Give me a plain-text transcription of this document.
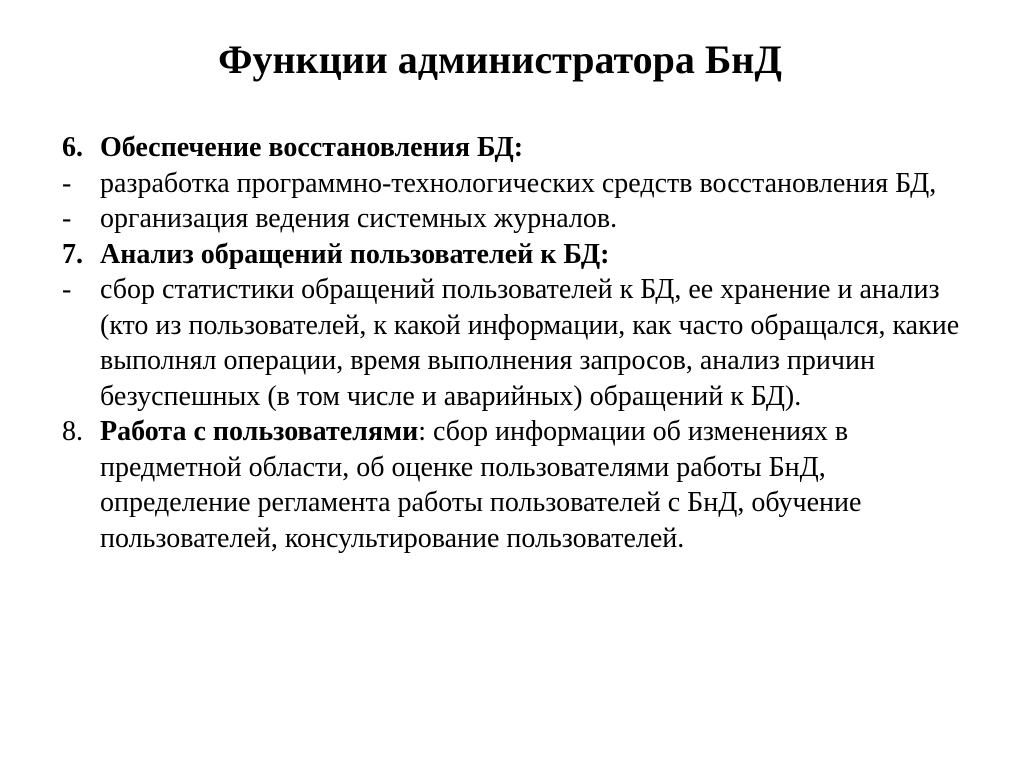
Функции администратора БнД
6. Обеспечение восстановления БД:
- разработка программно-технологических средств восстановления БД,
- организация ведения системных журналов.
7. Анализ обращений пользователей к БД:
- сбор статистики обращений пользователей к БД, ее хранение и анализ (кто из пользователей, к какой информации, как часто обращался, какие выполнял операции, время выполнения запросов, анализ причин безуспешных (в том числе и аварийных) обращений к БД).
8. Работа с пользователями: сбор информации об изменениях в предметной области, об оценке пользователями работы БнД, определение регламента работы пользователей с БнД, обучение пользователей, консультирование пользователей.
